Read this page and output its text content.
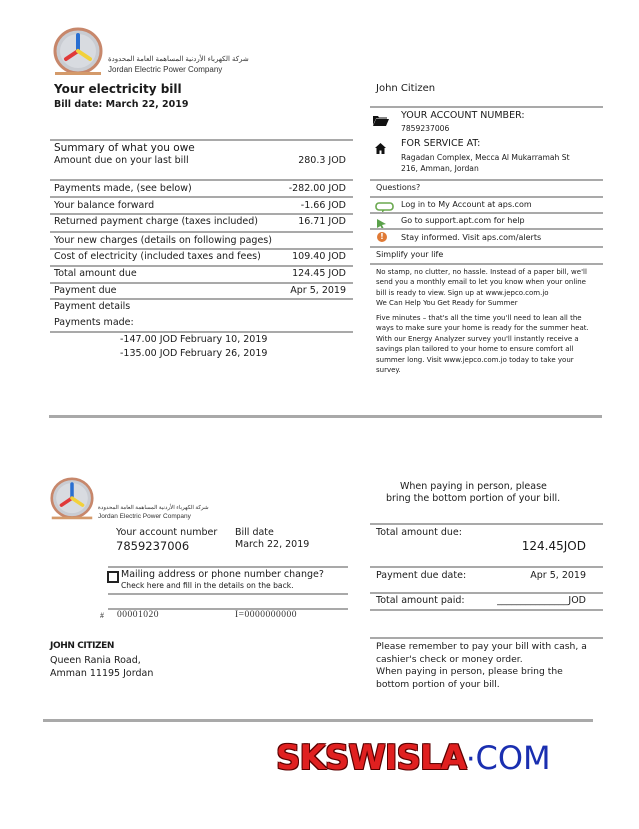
شركة الكهرباء الأردنية المساهمة العامة المحدودة
Jordan Electric Power Company
Your electricity bill
Bill date: March 22, 2019
Summary of what you owe
Amount due on your last bill	280.3 JOD
Payments made, (see below)	-282.00 JOD
Your balance forward	-1.66 JOD
Returned payment charge (taxes included)	16.71 JOD
Your new charges (details on following pages)
Cost of electricity (included taxes and fees)	109.40 JOD
Total amount due	124.45 JOD
Payment due	Apr 5, 2019
Payment details
Payments made:
-147.00 JOD February 10, 2019
-135.00 JOD February 26, 2019
John Citizen
YOUR ACCOUNT NUMBER:
7859237006
FOR SERVICE AT:
Ragadan Complex, Mecca Al Mukarramah St
216, Amman, Jordan
Questions?
Log in to My Account at aps.com
Go to support.apt.com for help
!	Stay informed. Visit aps.com/alerts
Simplify your life
No stamp, no clutter, no hassle. Instead of a paper bill, we'll
send you a monthly email to let you know when your online
bill is ready to view. Sign up at www.jepco.com.jo
We Can Help You Get Ready for Summer
Five minutes – that's all the time you'll need to lean all the
ways to make sure your home is ready for the summer heat.
With our Energy Analyzer survey you'll instantly receive a
savings plan tailored to your home to ensure comfort all
summer long. Visit www.jepco.com.jo today to take your
survey.
شركة الكهرباء الأردنية المساهمة العامة المحدودة
Jordan Electric Power Company
Your account number
7859237006
Bill date
March 22, 2019
Mailing address or phone number change?
Check here and fill in the details on the back.
# 00001020	I=0000000000
JOHN CITIZEN
Queen Rania Road,
Amman 11195 Jordan
When paying in person, please
bring the bottom portion of your bill.
Total amount due:
124.45JOD
Payment due date:	Apr 5, 2019
Total amount paid:	_______________JOD
Please remember to pay your bill with cash, a
cashier's check or money order.
When paying in person, please bring the
bottom portion of your bill.
SKSWISLA·COM
